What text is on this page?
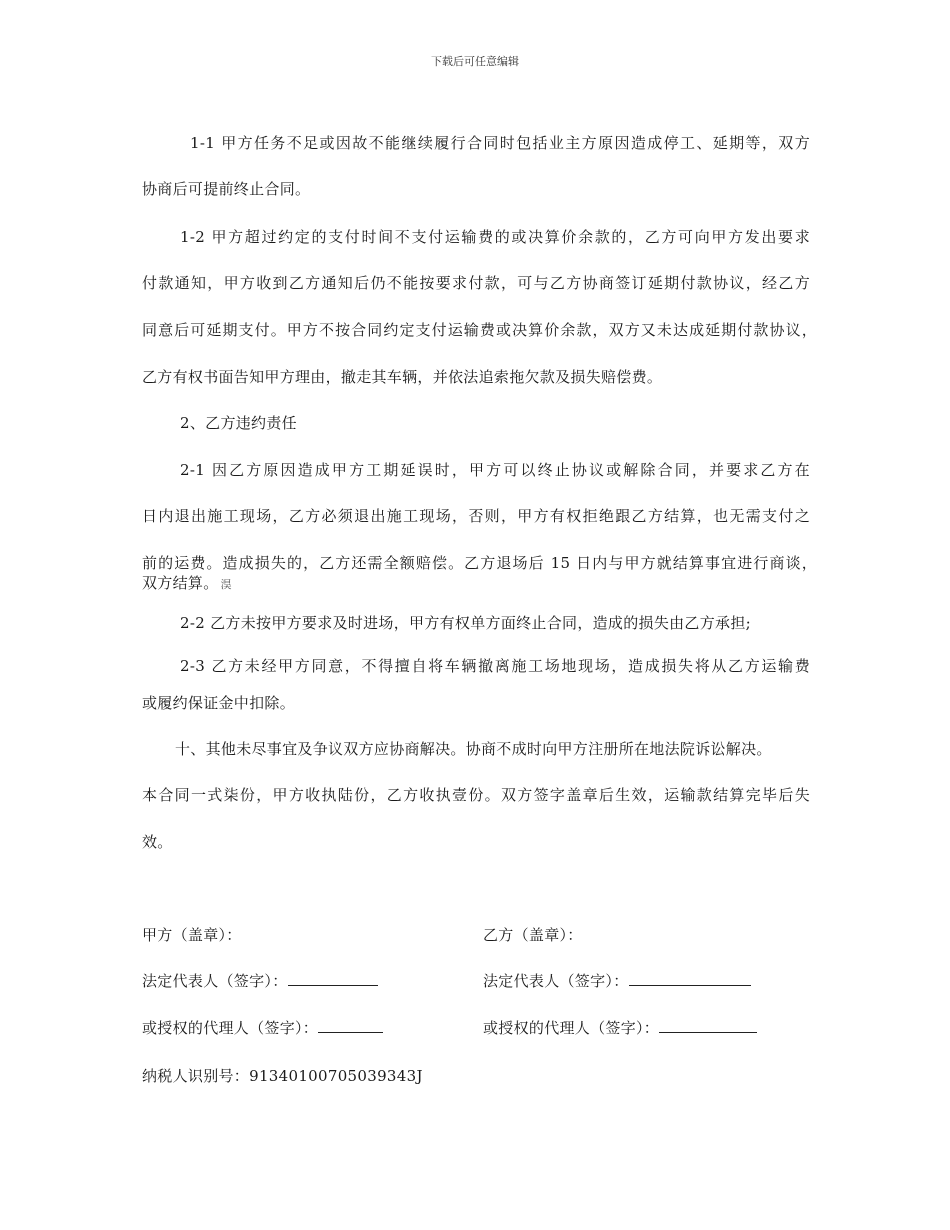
下载后可任意编辑
1-1 甲方任务不足或因故不能继续履行合同时包括业主方原因造成停工、延期等，双方
协商后可提前终止合同。
1-2 甲方超过约定的支付时间不支付运输费的或决算价余款的，乙方可向甲方发出要求
付款通知，甲方收到乙方通知后仍不能按要求付款，可与乙方协商签订延期付款协议，经乙方
同意后可延期支付。甲方不按合同约定支付运输费或决算价余款，双方又未达成延期付款协议，
乙方有权书面告知甲方理由，撤走其车辆，并依法追索拖欠款及损失赔偿费。
2、乙方违约责任
2-1 因乙方原因造成甲方工期延误时，甲方可以终止协议或解除合同，并要求乙方在
日内退出施工现场，乙方必须退出施工现场，否则，甲方有权拒绝跟乙方结算，也无需支付之
前的运费。造成损失的，乙方还需全额赔偿。乙方退场后 15 日内与甲方就结算事宜进行商谈，
双方结算。 淏
2-2 乙方未按甲方要求及时进场，甲方有权单方面终止合同，造成的损失由乙方承担;
2-3 乙方未经甲方同意，不得擅自将车辆撤离施工场地现场，造成损失将从乙方运输费
或履约保证金中扣除。
十、其他未尽事宜及争议双方应协商解决。协商不成时向甲方注册所在地法院诉讼解决。
本合同一式柒份，甲方收执陆份，乙方收执壹份。双方签字盖章后生效，运输款结算完毕后失
效。
甲方（盖章）：	乙方（盖章）：
法定代表人（签字）：	法定代表人（签字）：
或授权的代理人（签字）：	或授权的代理人（签字）：
纳税人识别号：91340100705039343J
